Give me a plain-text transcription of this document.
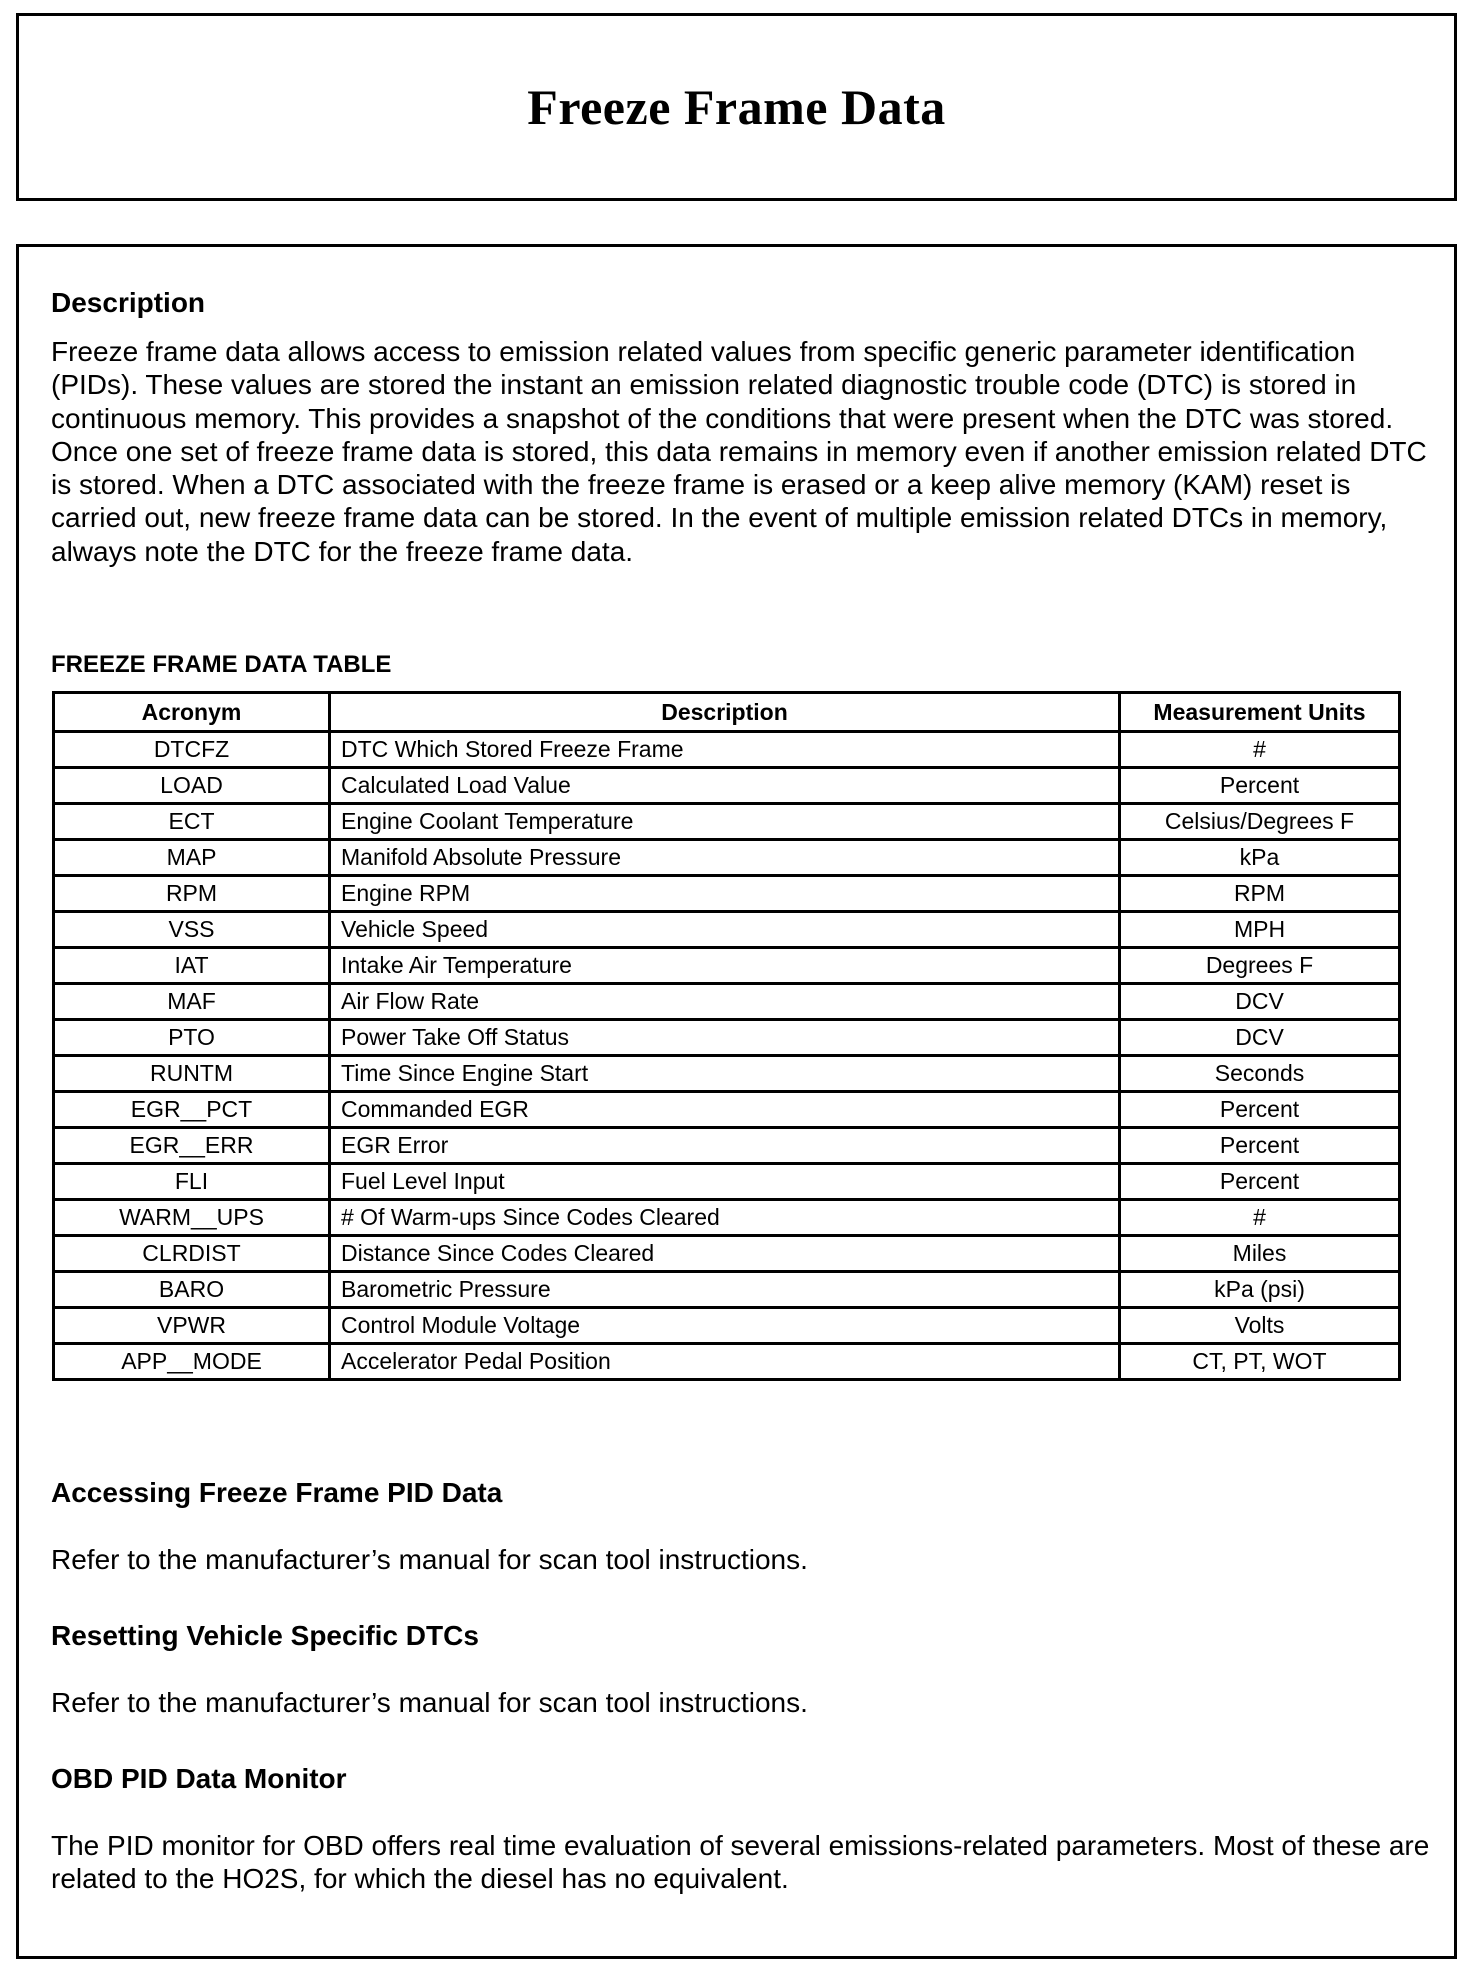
Freeze Frame Data
Description

Freeze frame data allows access to emission related values from specific generic parameter identification (PIDs). These values are stored the instant an emission related diagnostic trouble code (DTC) is stored in continuous memory. This provides a snapshot of the conditions that were present when the DTC was stored. Once one set of freeze frame data is stored, this data remains in memory even if another emission related DTC is stored. When a DTC associated with the freeze frame is erased or a keep alive memory (KAM) reset is carried out, new freeze frame data can be stored. In the event of multiple emission related DTCs in memory, always note the DTC for the freeze frame data.

FREEZE FRAME DATA TABLE
Acronym	Description	Measurement Units
DTCFZ	DTC Which Stored Freeze Frame	#
LOAD	Calculated Load Value	Percent
ECT	Engine Coolant Temperature	Celsius/Degrees F
MAP	Manifold Absolute Pressure	kPa
RPM	Engine RPM	RPM
VSS	Vehicle Speed	MPH
IAT	Intake Air Temperature	Degrees F
MAF	Air Flow Rate	DCV
PTO	Power Take Off Status	DCV
RUNTM	Time Since Engine Start	Seconds
EGR__PCT	Commanded EGR	Percent
EGR__ERR	EGR Error	Percent
FLI	Fuel Level Input	Percent
WARM__UPS	# Of Warm-ups Since Codes Cleared	#
CLRDIST	Distance Since Codes Cleared	Miles
BARO	Barometric Pressure	kPa (psi)
VPWR	Control Module Voltage	Volts
APP__MODE	Accelerator Pedal Position	CT, PT, WOT
Accessing Freeze Frame PID Data

Refer to the manufacturer’s manual for scan tool instructions.

Resetting Vehicle Specific DTCs

Refer to the manufacturer’s manual for scan tool instructions.

OBD PID Data Monitor

The PID monitor for OBD offers real time evaluation of several emissions-related parameters. Most of these are related to the HO2S, for which the diesel has no equivalent.
